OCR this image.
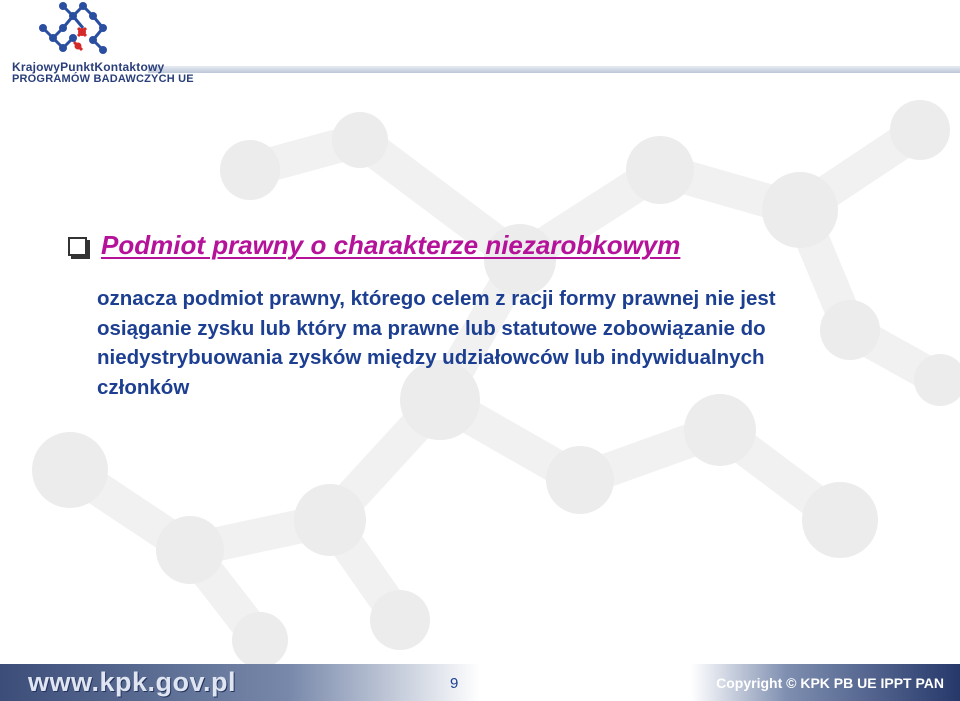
KrajowyPunktKontaktowy
PROGRAMÓW BADAWCZYCH UE
Podmiot prawny o charakterze niezarobkowym

oznacza podmiot prawny, którego celem z racji formy prawnej nie jest

osiąganie zysku lub który ma prawne lub statutowe zobowiązanie do

niedystrybuowania zysków między udziałowców lub indywidualnych

członków

www.kpk.gov.pl	9	Copyright © KPK PB UE IPPT PAN
